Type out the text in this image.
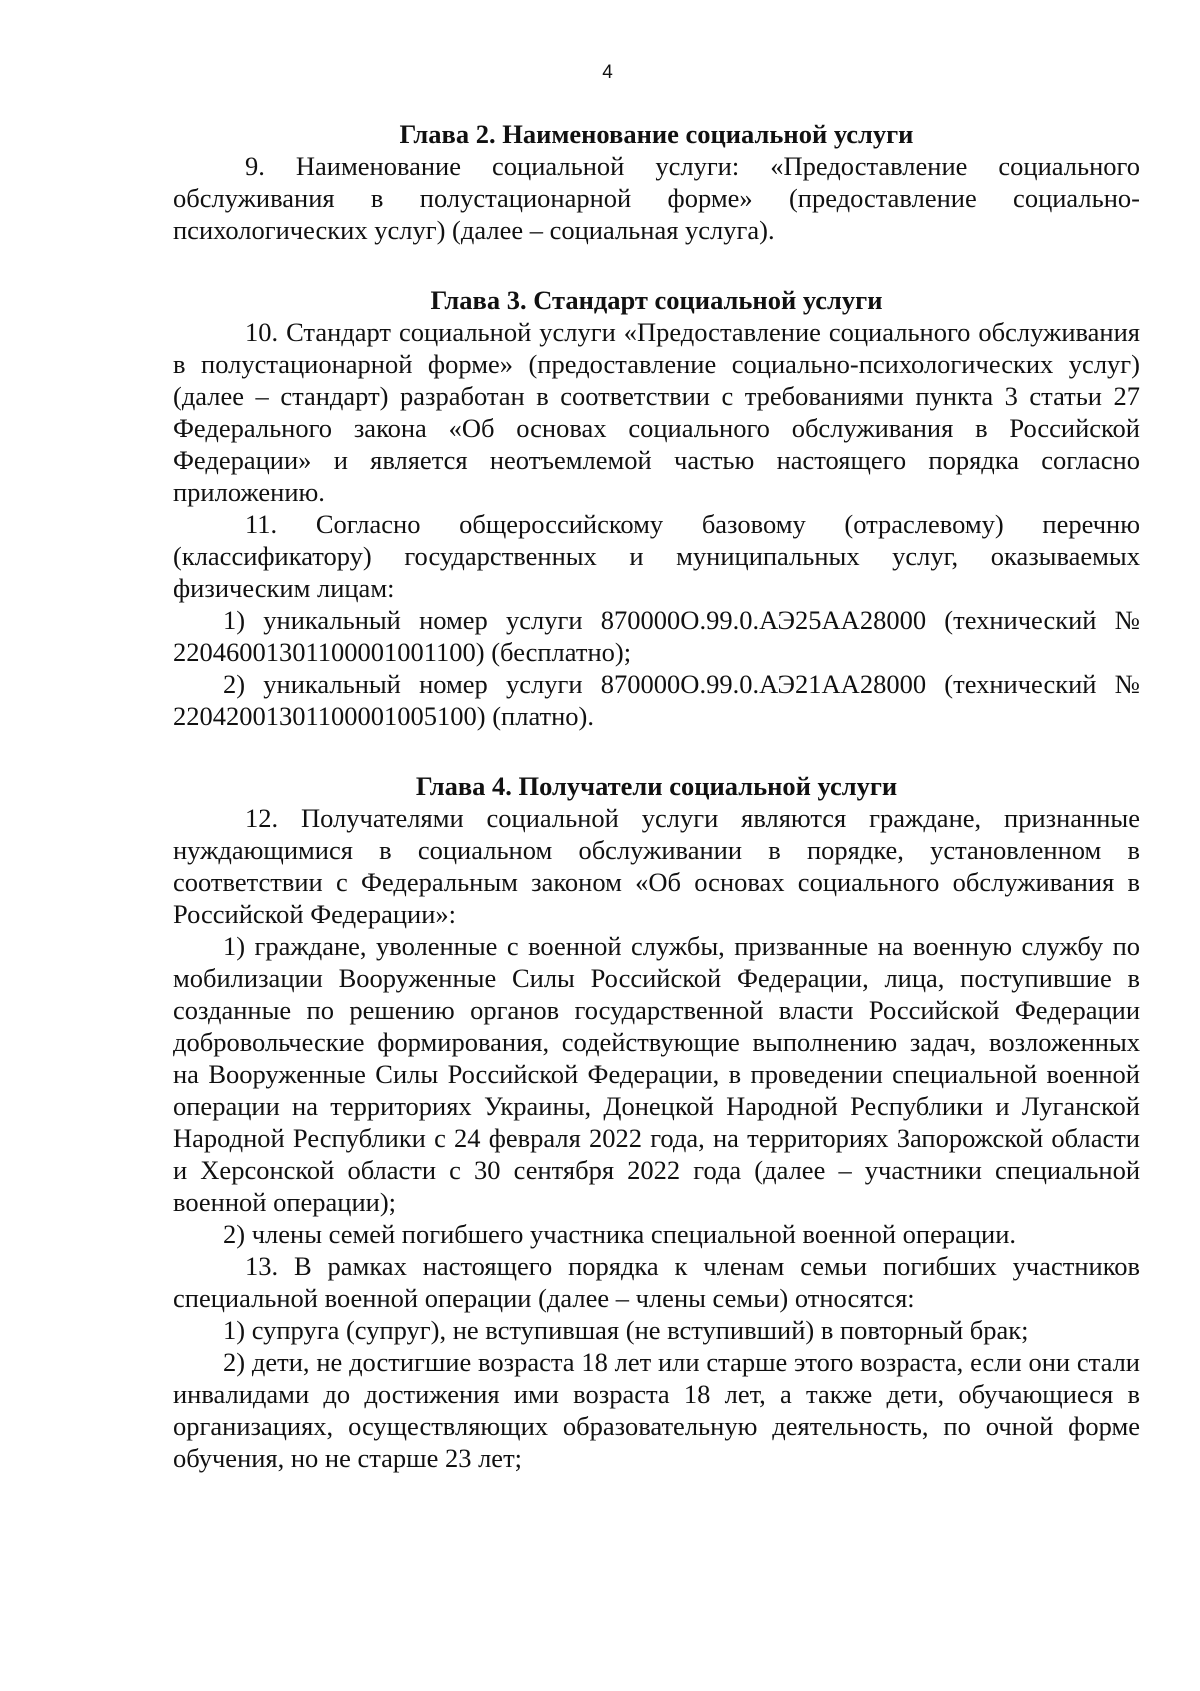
4
Глава 2. Наименование социальной услуги

9. Наименование социальной услуги: «Предоставление социального обслуживания в полустационарной форме» (предоставление социально-психологических услуг) (далее – социальная услуга).

Глава 3. Стандарт социальной услуги

10. Стандарт социальной услуги «Предоставление социального обслуживания в полустационарной форме» (предоставление социально-психологических услуг) (далее – стандарт) разработан в соответствии с требованиями пункта 3 статьи 27 Федерального закона «Об основах социального обслуживания в Российской Федерации» и является неотъемлемой частью настоящего порядка согласно приложению.

11. Согласно общероссийскому базовому (отраслевому) перечню (классификатору) государственных и муниципальных услуг, оказываемых физическим лицам:

1) уникальный номер услуги 870000О.99.0.АЭ25АА28000 (технический № 22046001301100001001100) (бесплатно);

2) уникальный номер услуги 870000О.99.0.АЭ21АА28000 (технический № 22042001301100001005100) (платно).

Глава 4. Получатели социальной услуги

12. Получателями социальной услуги являются граждане, признанные нуждающимися в социальном обслуживании в порядке, установленном в соответствии с Федеральным законом «Об основах социального обслуживания в Российской Федерации»:

1) граждане, уволенные с военной службы, призванные на военную службу по мобилизации Вооруженные Силы Российской Федерации, лица, поступившие в созданные по решению органов государственной власти Российской Федерации добровольческие формирования, содействующие выполнению задач, возложенных на Вооруженные Силы Российской Федерации, в проведении специальной военной операции на территориях Украины, Донецкой Народной Республики и Луганской Народной Республики с 24 февраля 2022 года, на территориях Запорожской области и Херсонской области с 30 сентября 2022 года (далее – участники специальной военной операции);

2) члены семей погибшего участника специальной военной операции.

13. В рамках настоящего порядка к членам семьи погибших участников специальной военной операции (далее – члены семьи) относятся:

1) супруга (супруг), не вступившая (не вступивший) в повторный брак;

2) дети, не достигшие возраста 18 лет или старше этого возраста, если они стали инвалидами до достижения ими возраста 18 лет, а также дети, обучающиеся в организациях, осуществляющих образовательную деятельность, по очной форме обучения, но не старше 23 лет;
